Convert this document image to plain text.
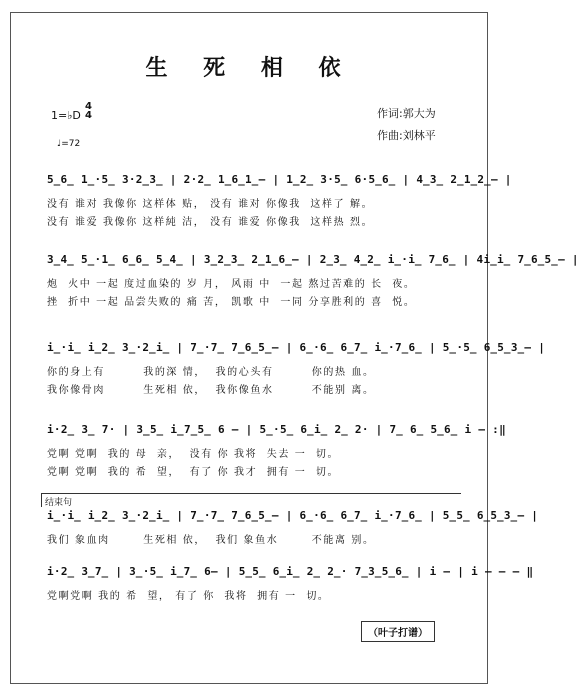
生 死 相 依
1=♭D
4
4
♩=72
作词:郭大为
作曲:刘林平
5̲6̲ 1̲·5̲ 3·2̲3̲ | 2·2̲ 1̲6̲1̲– | 1̲2̲ 3·5̲ 6·5̲6̲ | 4̲3̲ 2̲1̲2̲– |
没有 谁对 我像你 这样体 贴， 没有 谁对 你像我  这样了 解。
没有 谁爱 我像你 这样純 洁， 没有 谁爱 你像我  这样热 烈。
3̲4̲ 5̲·1̲ 6̲6̲ 5̲4̲ | 3̲2̲3̲ 2̲1̲6̲– | 2̲3̲ 4̲2̲ i̲·i̲ 7̲6̲ | 4i̲i̲ 7̲6̲5̲– |
炮  火中 一起 度过血染的 岁 月， 风雨 中  一起 熬过苦难的 长  夜。
挫  折中 一起 品尝失败的 痛 苦， 凯歌 中  一同 分享胜利的 喜  悦。
i̲·i̲ i̲2̲ 3̲·2̲i̲ | 7̲·7̲ 7̲6̲5̲– | 6̲·6̲ 6̲7̲ i̲·7̲6̲ | 5̲·5̲ 6̲5̲3̲– |
你的身上有        我的深 情，  我的心头有        你的热 血。
我你像骨肉        生死相 依，  我你像鱼水        不能别 离。
i·2̲ 3̲ 7· | 3̲5̲ i̲7̲5̲ 6 – | 5̲·5̲ 6̲i̲ 2̲ 2· | 7̲ 6̲ 5̲6̲ i – :‖
党啊 党啊  我的 母  亲，  没有 你 我将  失去 一  切。
党啊 党啊  我的 希  望，  有了 你 我才  拥有 一  切。
结束句
i̲·i̲ i̲2̲ 3̲·2̲i̲ | 7̲·7̲ 7̲6̲5̲– | 6̲·6̲ 6̲7̲ i̲·7̲6̲ | 5̲5̲ 6̲5̲3̲– |
我们 象血肉       生死相 依，  我们 象鱼水       不能离 别。
i·2̲ 3̲7̲ | 3̲·5̲ i̲7̲ 6– | 5̲5̲ 6̲i̲ 2̲ 2̲· 7̲3̲5̲6̲ | i – | i – – – ‖
党啊党啊 我的 希  望， 有了 你  我将  拥有 一  切。
（叶子打谱）
